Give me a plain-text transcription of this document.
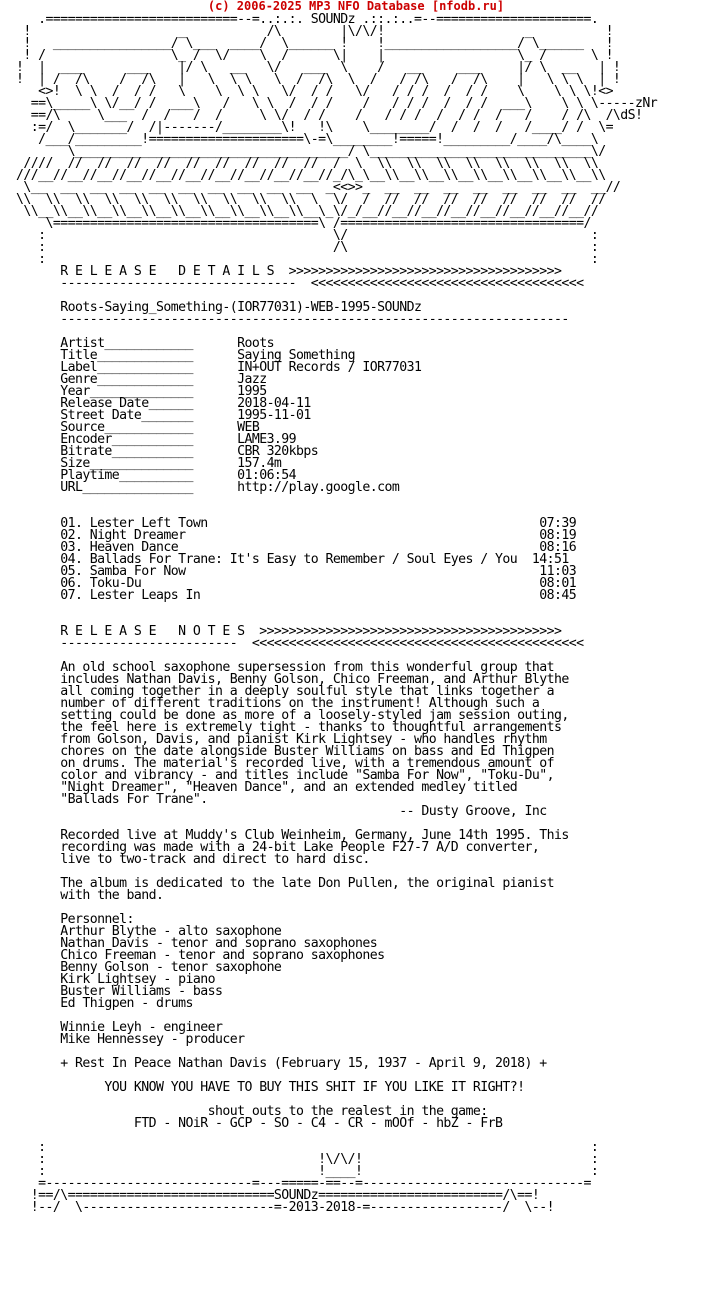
(c) 2006-2025 MP3 NFO Database [nfodb.ru]
.==========================--=..:.:. SOUNDz .::.:..=--=====================.
!                    _           /\        |\/\/!                   _          !
!   ________________/ \___  ____/  \______ !    !__________________/ \______   !
! /                 \_ /  \/    \  /      \|    |                  \_ /      \ !
!  |  ___      ___    |/ \   __   \/   ___  \    /   __     ___     |/ \  __   | !
!  | /  /\    /  /\   |   \  \ \   \  /  /\  \  /   / /\   /  /\    |   \ \ \  | !
<>!  \ \  /  / /   \    \  \ \   \/  / /   \/   / / /  /  / /    \    \ \ \!<>
==\_____\ \/__/ /  ___\   /   \ \  /  / /    /   / / /  /  / /  ___\    \ \ \-----zNr
==/\     \___  /  /   /  /     \ \/  / /    /   / / /  /  / /  /   /    / /\  /\dS!
:=/  \_______/  /|-------/________\!   !\    \________/  /  /  /   /____/ /  \=
/___/_________!=====================\-=\________!=====!_________/____/\____\
\_____________________________________/ \______________________________\/
////  //  //  //  //  //  //  //  //  //  /  \  \\  \\  \\  \\  \\  \\  \\  \\
///__//__//__//__//__//__//__//__//__//__//_/\_\__\\__\\__\\__\\__\\__\\__\\__\\
\__  __  __  __  __  __  __  __  __  __  _<<>>_  __  __  __  __  __  __  __  __//
\\  \\  \\  \\  \\  \\  \\  \\  \\  \\  \  \/  /  //  //  //  //  //  //  //  //
\\__\\__\\__\\__\\__\\__\\__\\__\\__\\__\_\/_/__//__//__//__//__//__//__//__//
\====================================\ /=================================/
:                                       \/                                 :
:                                       /\                                 :
:                                                                          :
R E L E A S E   D E T A I L S  >>>>>>>>>>>>>>>>>>>>>>>>>>>>>>>>>>>>>
--------------------------------  <<<<<<<<<<<<<<<<<<<<<<<<<<<<<<<<<<<<<

Roots-Saying_Something-(IOR77031)-WEB-1995-SOUNDz
---------------------------------------------------------------------

Artist____________      Roots
Title_____________      Saying Something
Label_____________      IN+OUT Records / IOR77031
Genre_____________      Jazz
Year______________      1995
Release Date______      2018-04-11
Street Date_______      1995-11-01
Source____________      WEB
Encoder___________      LAME3.99
Bitrate___________      CBR 320kbps
Size______________      157.4m
Playtime__________      01:06:54
URL_______________      http://play.google.com

01. Lester Left Town                                             07:39
02. Night Dreamer                                                08:19
03. Heaven Dance                                                 08:16
04. Ballads For Trane: It's Easy to Remember / Soul Eyes / You  14:51
05. Samba For Now                                                11:03
06. Toku-Du                                                      08:01
07. Lester Leaps In                                              08:45

R E L E A S E   N O T E S  >>>>>>>>>>>>>>>>>>>>>>>>>>>>>>>>>>>>>>>>>
------------------------  <<<<<<<<<<<<<<<<<<<<<<<<<<<<<<<<<<<<<<<<<<<<<

An old school saxophone supersession from this wonderful group that
includes Nathan Davis, Benny Golson, Chico Freeman, and Arthur Blythe
all coming together in a deeply soulful style that links together a
number of different traditions on the instrument! Although such a
setting could be done as more of a loosely-styled jam session outing,
the feel here is extremely tight - thanks to thoughtful arrangements
from Golson, Davis, and pianist Kirk Lightsey - who handles rhythm
chores on the date alongside Buster Williams on bass and Ed Thigpen
on drums. The material's recorded live, with a tremendous amount of
color and vibrancy - and titles include "Samba For Now", "Toku-Du",
"Night Dreamer", "Heaven Dance", and an extended medley titled
"Ballads For Trane".
-- Dusty Groove, Inc

Recorded live at Muddy's Club Weinheim, Germany, June 14th 1995. This
recording was made with a 24-bit Lake People F27-7 A/D converter,
live to two-track and direct to hard disc.

The album is dedicated to the late Don Pullen, the original pianist
with the band.

Personnel:
Arthur Blythe - alto saxophone
Nathan Davis - tenor and soprano saxophones
Chico Freeman - tenor and soprano saxophones
Benny Golson - tenor saxophone
Kirk Lightsey - piano
Buster Williams - bass
Ed Thigpen - drums

Winnie Leyh - engineer
Mike Hennessey - producer

+ Rest In Peace Nathan Davis (February 15, 1937 - April 9, 2018) +

YOU KNOW YOU HAVE TO BUY THIS SHIT IF YOU LIKE IT RIGHT?!

shout outs to the realest in the game:
FTD - NOiR - GCP - SO - C4 - CR - mOOf - hbZ - FrB

:                                                                          :
:                                     !\/\/!                               :
:                                     !____!                               :
=----------------------------=---=====-==--=------------------------------=
!==/\============================SOUNDz=========================/\==!
!--/  \--------------------------=-2013-2018-=------------------/  \--!
